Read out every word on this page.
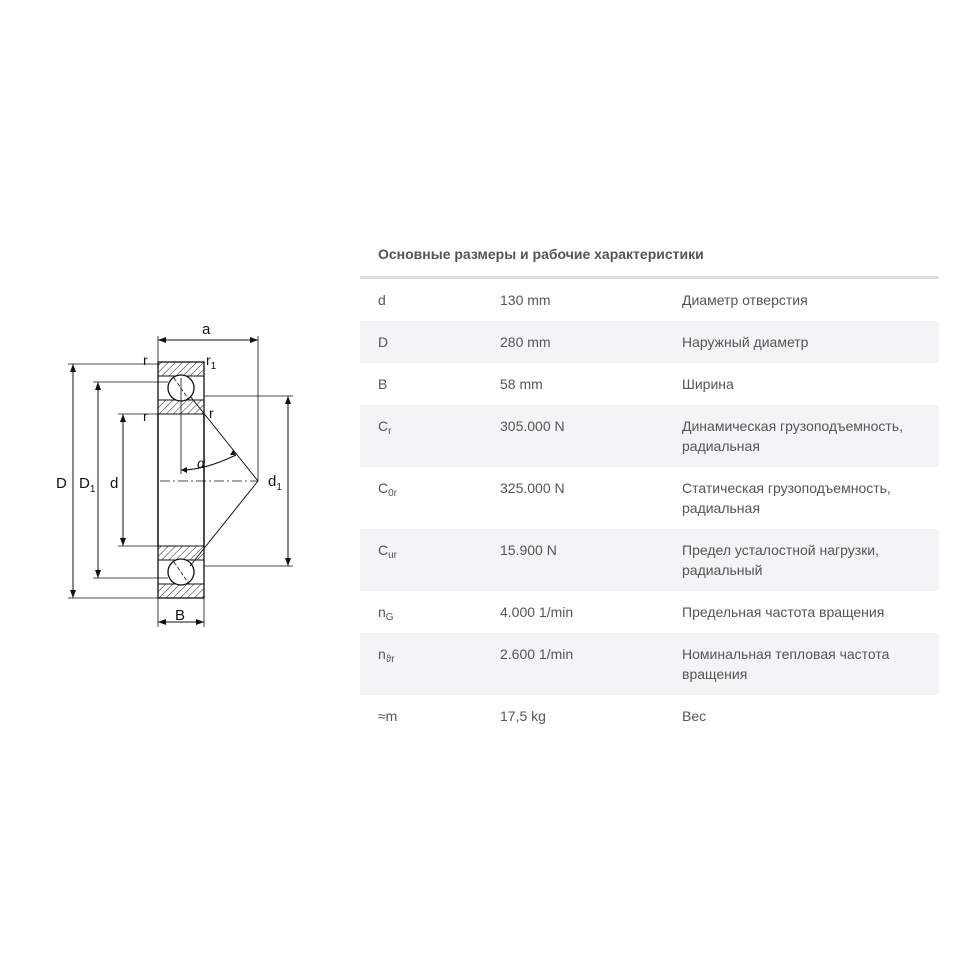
a
r	$r_1$
r	r
α
D $D_1$ d	$d_1$
B
Основные размеры и рабочие характеристики
d	130 mm	Диаметр отверстия
D	280 mm	Наружный диаметр
B	58 mm	Ширина
$C_r$	305.000 N	Динамическая грузоподъемность, радиальная
$C_{0r}$	325.000 N	Статическая грузоподъемность, радиальная
$C_{ur}$	15.900 N	Предел усталостной нагрузки, радиальный
$n_G$	4.000 1/min	Предельная частота вращения
$n_{ϑr}$	2.600 1/min	Номинальная тепловая частота вращения
≈m	17,5 kg	Вес
